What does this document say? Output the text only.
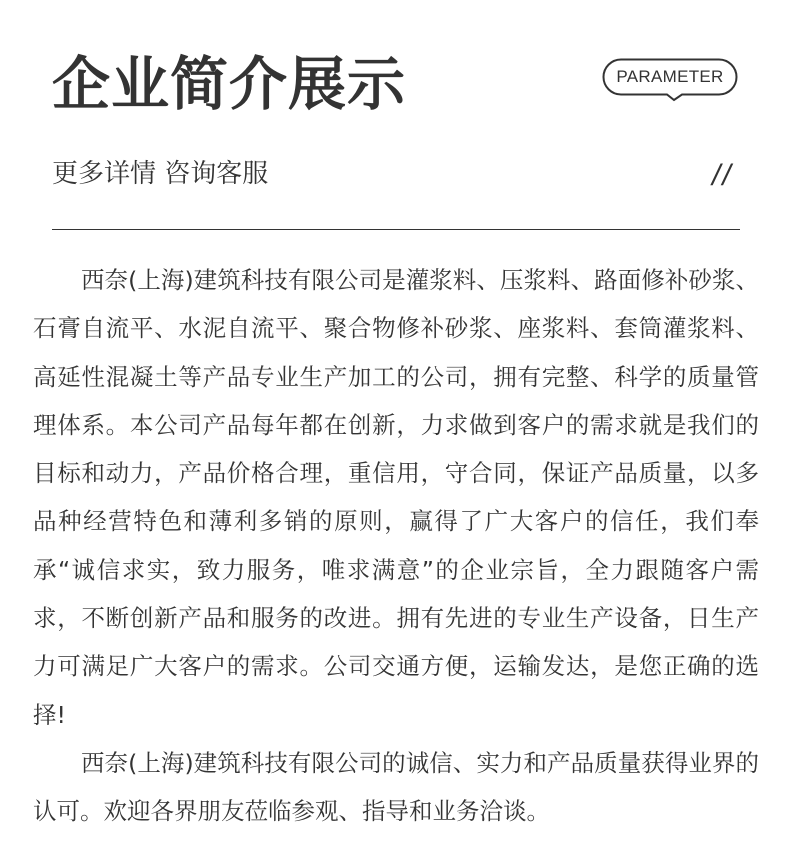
企业简介展示	PARAMETER
更多详情 咨询客服	//

西奈(上海)建筑科技有限公司是灌浆料、压浆料、路面修补砂浆、石膏自流平、水泥自流平、聚合物修补砂浆、座浆料、套筒灌浆料、高延性混凝土等产品专业生产加工的公司，拥有完整、科学的质量管理体系。本公司产品每年都在创新，力求做到客户的需求就是我们的目标和动力，产品价格合理，重信用，守合同，保证产品质量，以多品种经营特色和薄利多销的原则，赢得了广大客户的信任，我们奉承“诚信求实，致力服务，唯求满意”的企业宗旨，全力跟随客户需求，不断创新产品和服务的改进。拥有先进的专业生产设备，日生产力可满足广大客户的需求。公司交通方便，运输发达，是您正确的选择!

西奈(上海)建筑科技有限公司的诚信、实力和产品质量获得业界的认可。欢迎各界朋友莅临参观、指导和业务洽谈。
